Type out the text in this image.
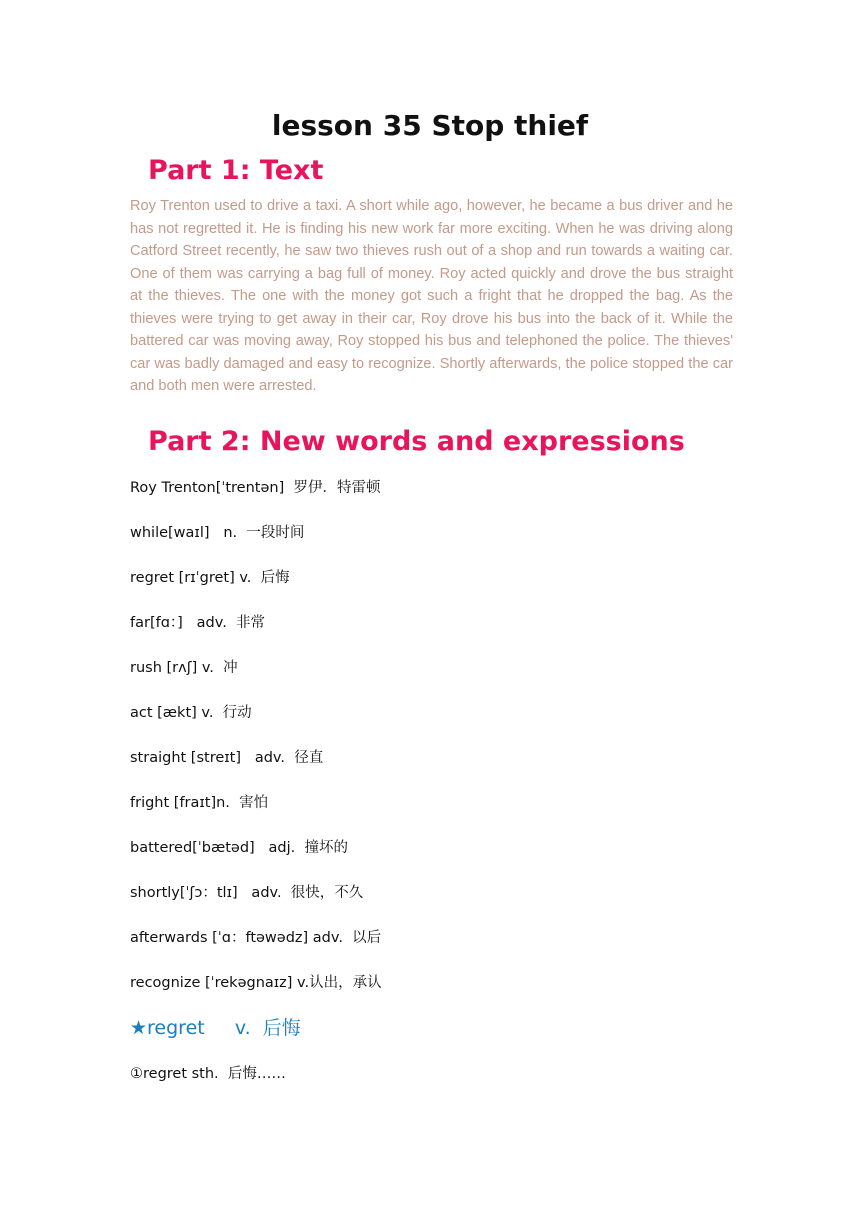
lesson 35 Stop thief
Part 1: Text

Roy Trenton used to drive a taxi. A short while ago, however, he became a bus driver and he has not regretted it. He is finding his new work far more exciting. When he was driving along Catford Street recently, he saw two thieves rush out of a shop and run towards a waiting car. One of them was carrying a bag full of money. Roy acted quickly and drove the bus straight at the thieves. The one with the money got such a fright that he dropped the bag. As the thieves were trying to get away in their car, Roy drove his bus into the back of it. While the battered car was moving away, Roy stopped his bus and telephoned the police. The thieves' car was badly damaged and easy to recognize. Shortly afterwards, the police stopped the car and both men were arrested.

Part 2: New words and expressions
Roy Trenton[ˈtrentən]  罗伊．特雷顿
while[waɪl]   n.  一段时间
regret [rɪˈgret] v.  后悔
far[fɑ：]   adv.  非常
rush [rʌʃ] v.  冲
act [ækt] v.  行动
straight [streɪt]   adv.  径直
fright [fraɪt]n.  害怕
battered[ˈbætəd]   adj.  撞坏的
shortly[ˈʃɔ：tlɪ]   adv.  很快，不久
afterwards [ˈɑ：ftəwədz] adv.  以后
recognize [ˈrekəgnaɪz] v.认出，承认
★regret     v.  后悔
①regret sth.  后悔……
